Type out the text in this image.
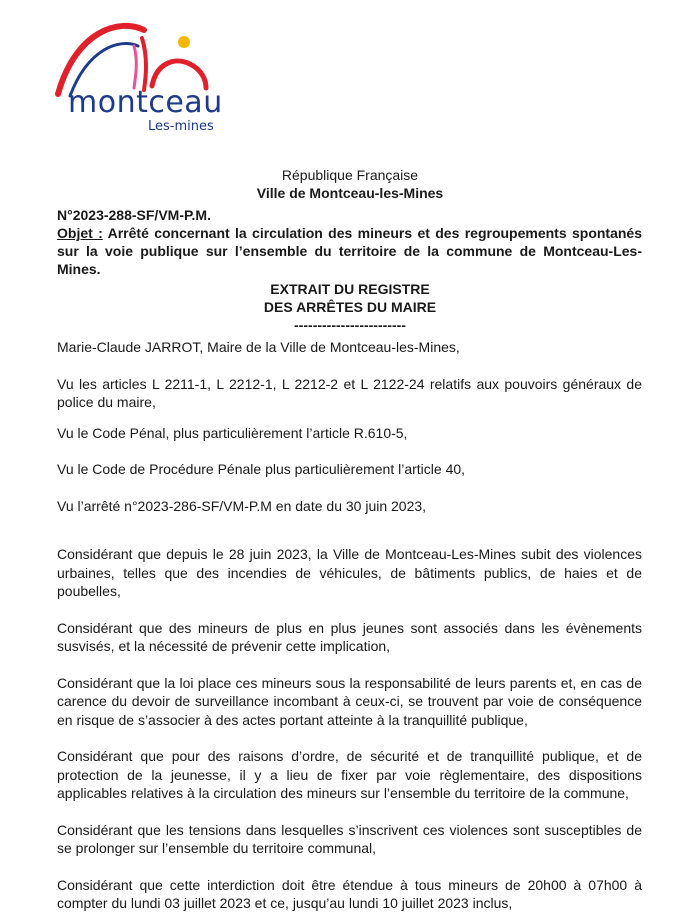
montceau
Les-mines
République Française
Ville de Montceau-les-Mines
N°2023-288-SF/VM-P.M.
Objet : Arrêté concernant la circulation des mineurs et des regroupements spontanés sur la voie publique sur l’ensemble du territoire de la commune de Montceau-Les-Mines.
EXTRAIT DU REGISTRE
DES ARRÊTES DU MAIRE
------------------------

Marie-Claude JARROT, Maire de la Ville de Montceau-les-Mines,

Vu les articles L 2211-1, L 2212-1, L 2212-2 et L 2122-24 relatifs aux pouvoirs généraux de police du maire,

Vu le Code Pénal, plus particulièrement l’article R.610-5,

Vu le Code de Procédure Pénale plus particulièrement l’article 40,

Vu l’arrêté n°2023-286-SF/VM-P.M en date du 30 juin 2023,

Considérant que depuis le 28 juin 2023, la Ville de Montceau-Les-Mines subit des violences urbaines, telles que des incendies de véhicules, de bâtiments publics, de haies et de poubelles,

Considérant que des mineurs de plus en plus jeunes sont associés dans les évènements susvisés, et la nécessité de prévenir cette implication,

Considérant que la loi place ces mineurs sous la responsabilité de leurs parents et, en cas de carence du devoir de surveillance incombant à ceux-ci, se trouvent par voie de conséquence en risque de s’associer à des actes portant atteinte à la tranquillité publique,

Considérant que pour des raisons d’ordre, de sécurité et de tranquillité publique, et de protection de la jeunesse, il y a lieu de fixer par voie règlementaire, des dispositions applicables relatives à la circulation des mineurs sur l’ensemble du territoire de la commune,

Considérant que les tensions dans lesquelles s’inscrivent ces violences sont susceptibles de se prolonger sur l’ensemble du territoire communal,

Considérant que cette interdiction doit être étendue à tous mineurs de 20h00 à 07h00 à compter du lundi 03 juillet 2023 et ce, jusqu’au lundi 10 juillet 2023 inclus,
